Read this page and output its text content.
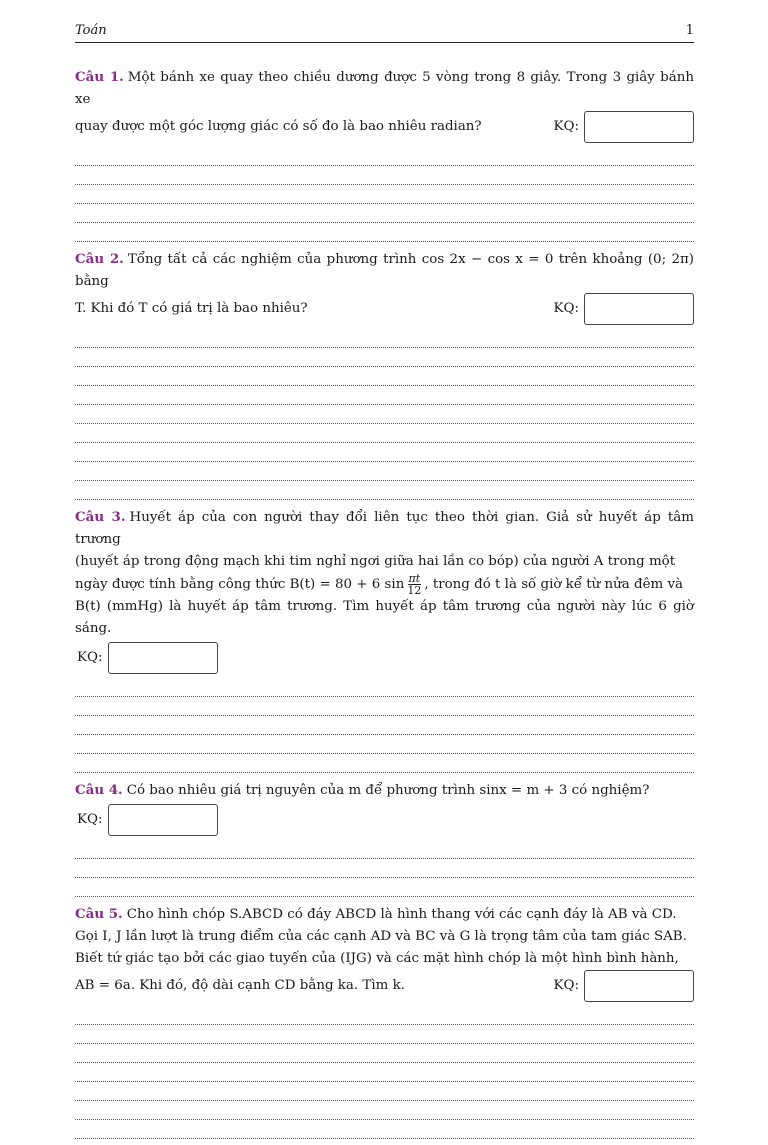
Toán	1
Câu 1. Một bánh xe quay theo chiều dương được 5 vòng trong 8 giây. Trong 3 giây bánh xe
quay được một góc lượng giác có số đo là bao nhiêu radian?	KQ:
Câu 2. Tổng tất cả các nghiệm của phương trình cos 2x − cos x = 0 trên khoảng (0; 2π) bằng
T. Khi đó T có giá trị là bao nhiêu?	KQ:
Câu 3. Huyết áp của con người thay đổi liên tục theo thời gian. Giả sử huyết áp tâm trương
(huyết áp trong động mạch khi tim nghỉ ngơi giữa hai lần co bóp) của người A trong một
ngày được tính bằng công thức B(t) = 80 + 6 $\sin \frac{\pi t}{12}$ , trong đó t là số giờ kể từ nửa đêm và
B(t) (mmHg) là huyết áp tâm trương. Tìm huyết áp tâm trương của người này lúc 6 giờ sáng.
KQ:
Câu 4. Có bao nhiêu giá trị nguyên của m để phương trình sinx = m + 3 có nghiệm?
KQ:
Câu 5. Cho hình chóp S.ABCD có đáy ABCD là hình thang với các cạnh đáy là AB và CD.
Gọi I, J lần lượt là trung điểm của các cạnh AD và BC và G là trọng tâm của tam giác SAB.
Biết tứ giác tạo bởi các giao tuyến của (IJG) và các mặt hình chóp là một hình bình hành,
AB = 6a. Khi đó, độ dài cạnh CD bằng ka. Tìm k.	KQ:
